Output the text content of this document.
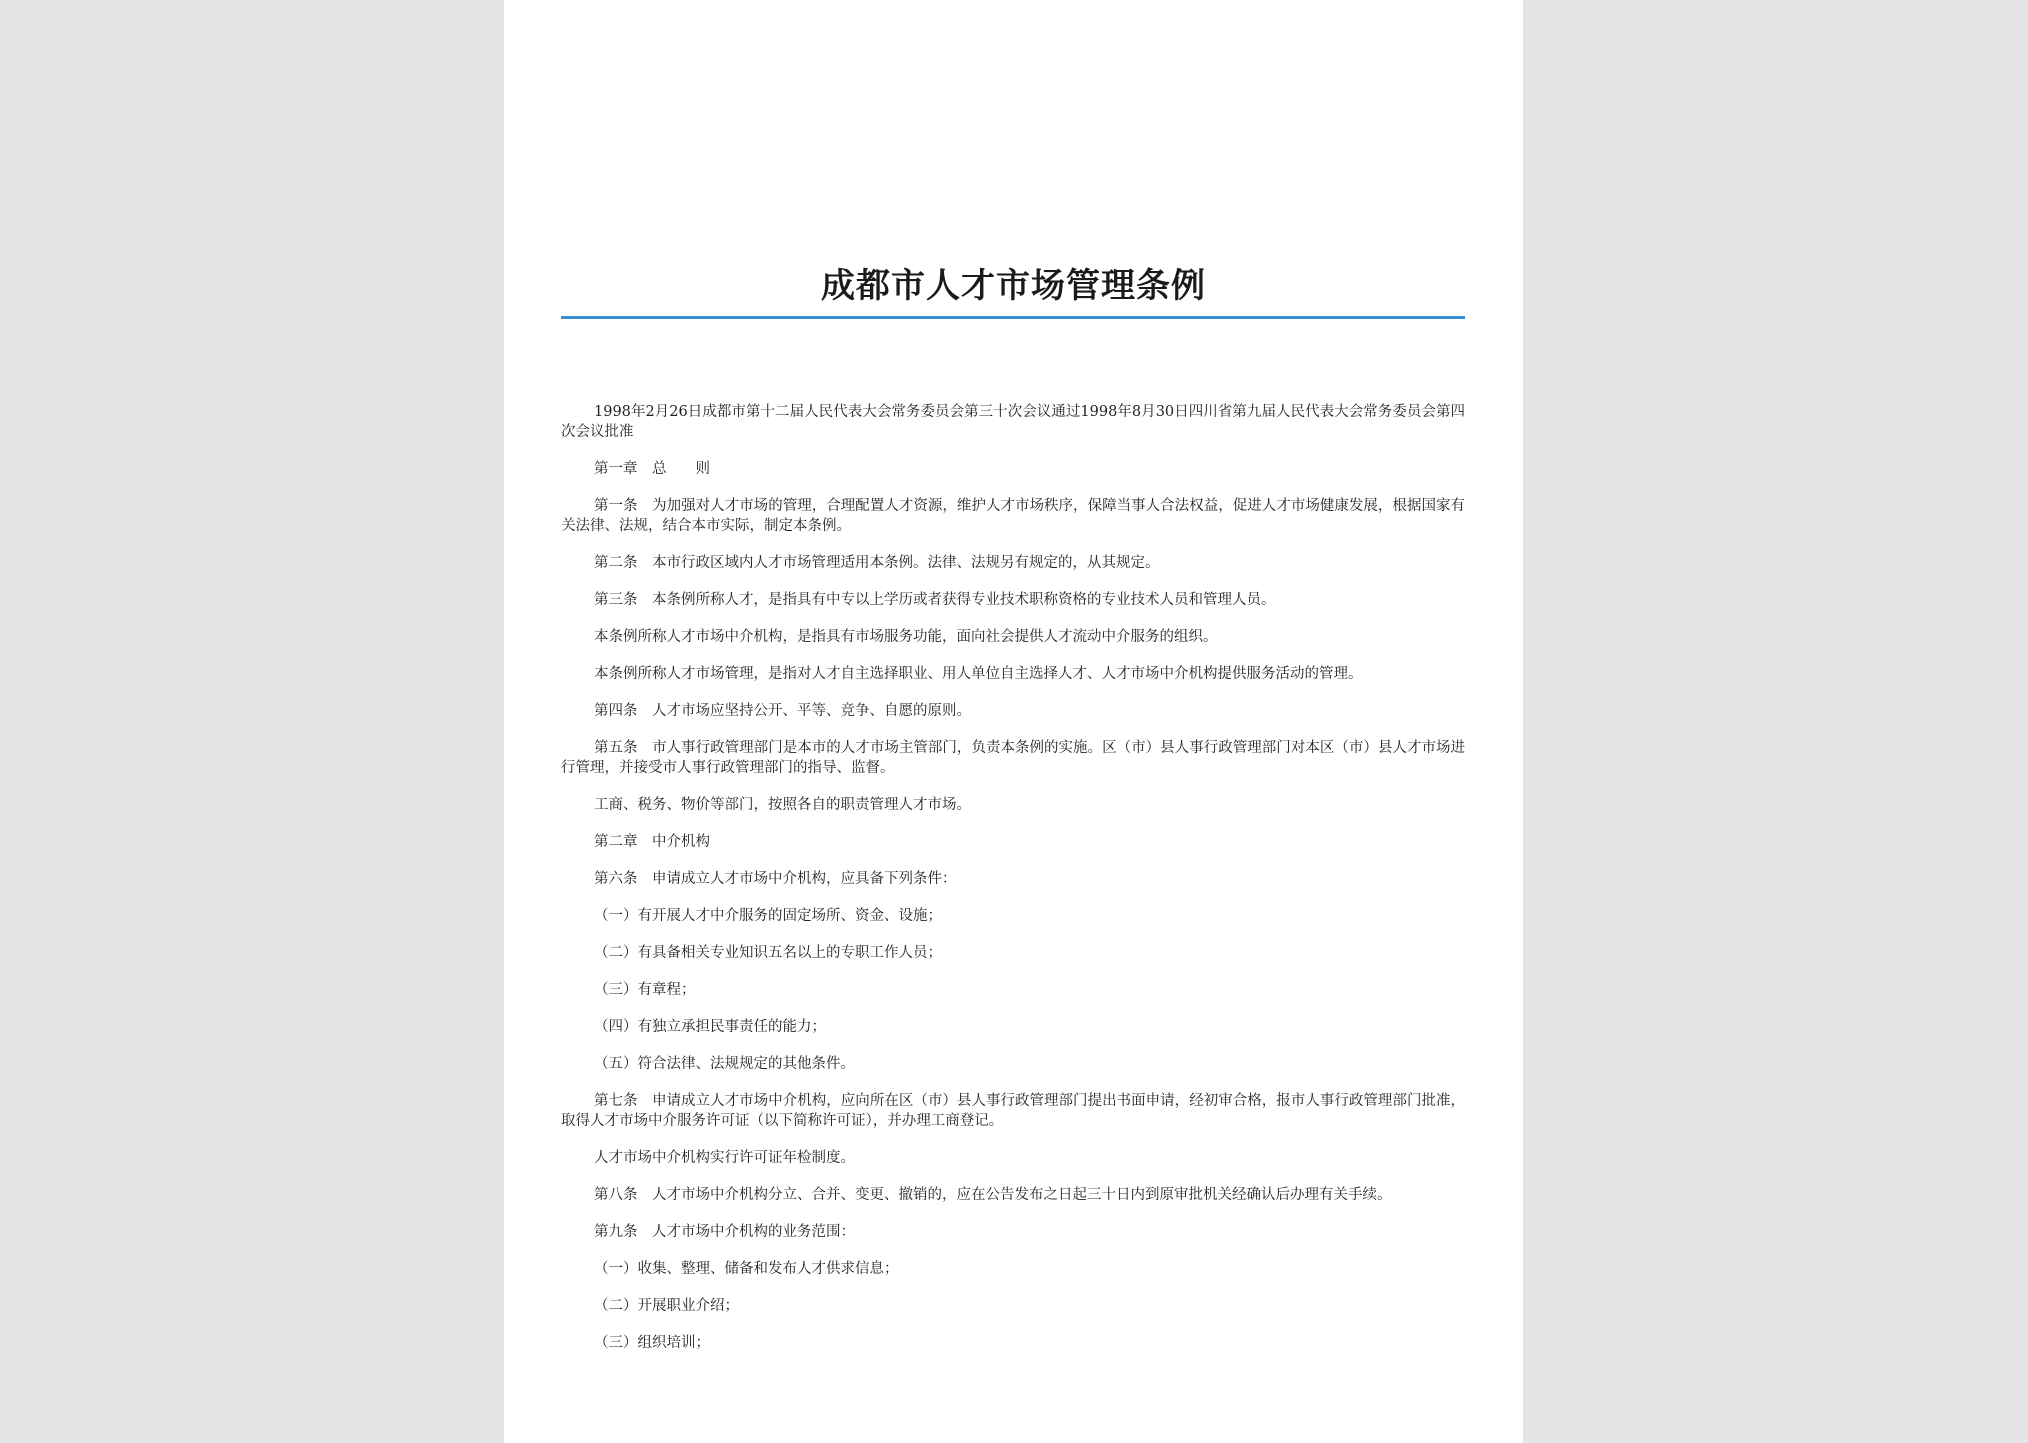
成都市人才市场管理条例

1998年2月26日成都市第十二届人民代表大会常务委员会第三十次会议通过1998年8月30日四川省第九届人民代表大会常务委员会第四次会议批准

第一章　总　　则

第一条　为加强对人才市场的管理，合理配置人才资源，维护人才市场秩序，保障当事人合法权益，促进人才市场健康发展，根据国家有关法律、法规，结合本市实际，制定本条例。

第二条　本市行政区域内人才市场管理适用本条例。法律、法规另有规定的，从其规定。

第三条　本条例所称人才，是指具有中专以上学历或者获得专业技术职称资格的专业技术人员和管理人员。

本条例所称人才市场中介机构，是指具有市场服务功能，面向社会提供人才流动中介服务的组织。

本条例所称人才市场管理，是指对人才自主选择职业、用人单位自主选择人才、人才市场中介机构提供服务活动的管理。

第四条　人才市场应坚持公开、平等、竞争、自愿的原则。

第五条　市人事行政管理部门是本市的人才市场主管部门，负责本条例的实施。区（市）县人事行政管理部门对本区（市）县人才市场进行管理，并接受市人事行政管理部门的指导、监督。

工商、税务、物价等部门，按照各自的职责管理人才市场。

第二章　中介机构

第六条　申请成立人才市场中介机构，应具备下列条件：

（一）有开展人才中介服务的固定场所、资金、设施；

（二）有具备相关专业知识五名以上的专职工作人员；

（三）有章程；

（四）有独立承担民事责任的能力；

（五）符合法律、法规规定的其他条件。

第七条　申请成立人才市场中介机构，应向所在区（市）县人事行政管理部门提出书面申请，经初审合格，报市人事行政管理部门批准，取得人才市场中介服务许可证（以下简称许可证），并办理工商登记。

人才市场中介机构实行许可证年检制度。

第八条　人才市场中介机构分立、合并、变更、撤销的，应在公告发布之日起三十日内到原审批机关经确认后办理有关手续。

第九条　人才市场中介机构的业务范围：

（一）收集、整理、储备和发布人才供求信息；

（二）开展职业介绍；

（三）组织培训；
